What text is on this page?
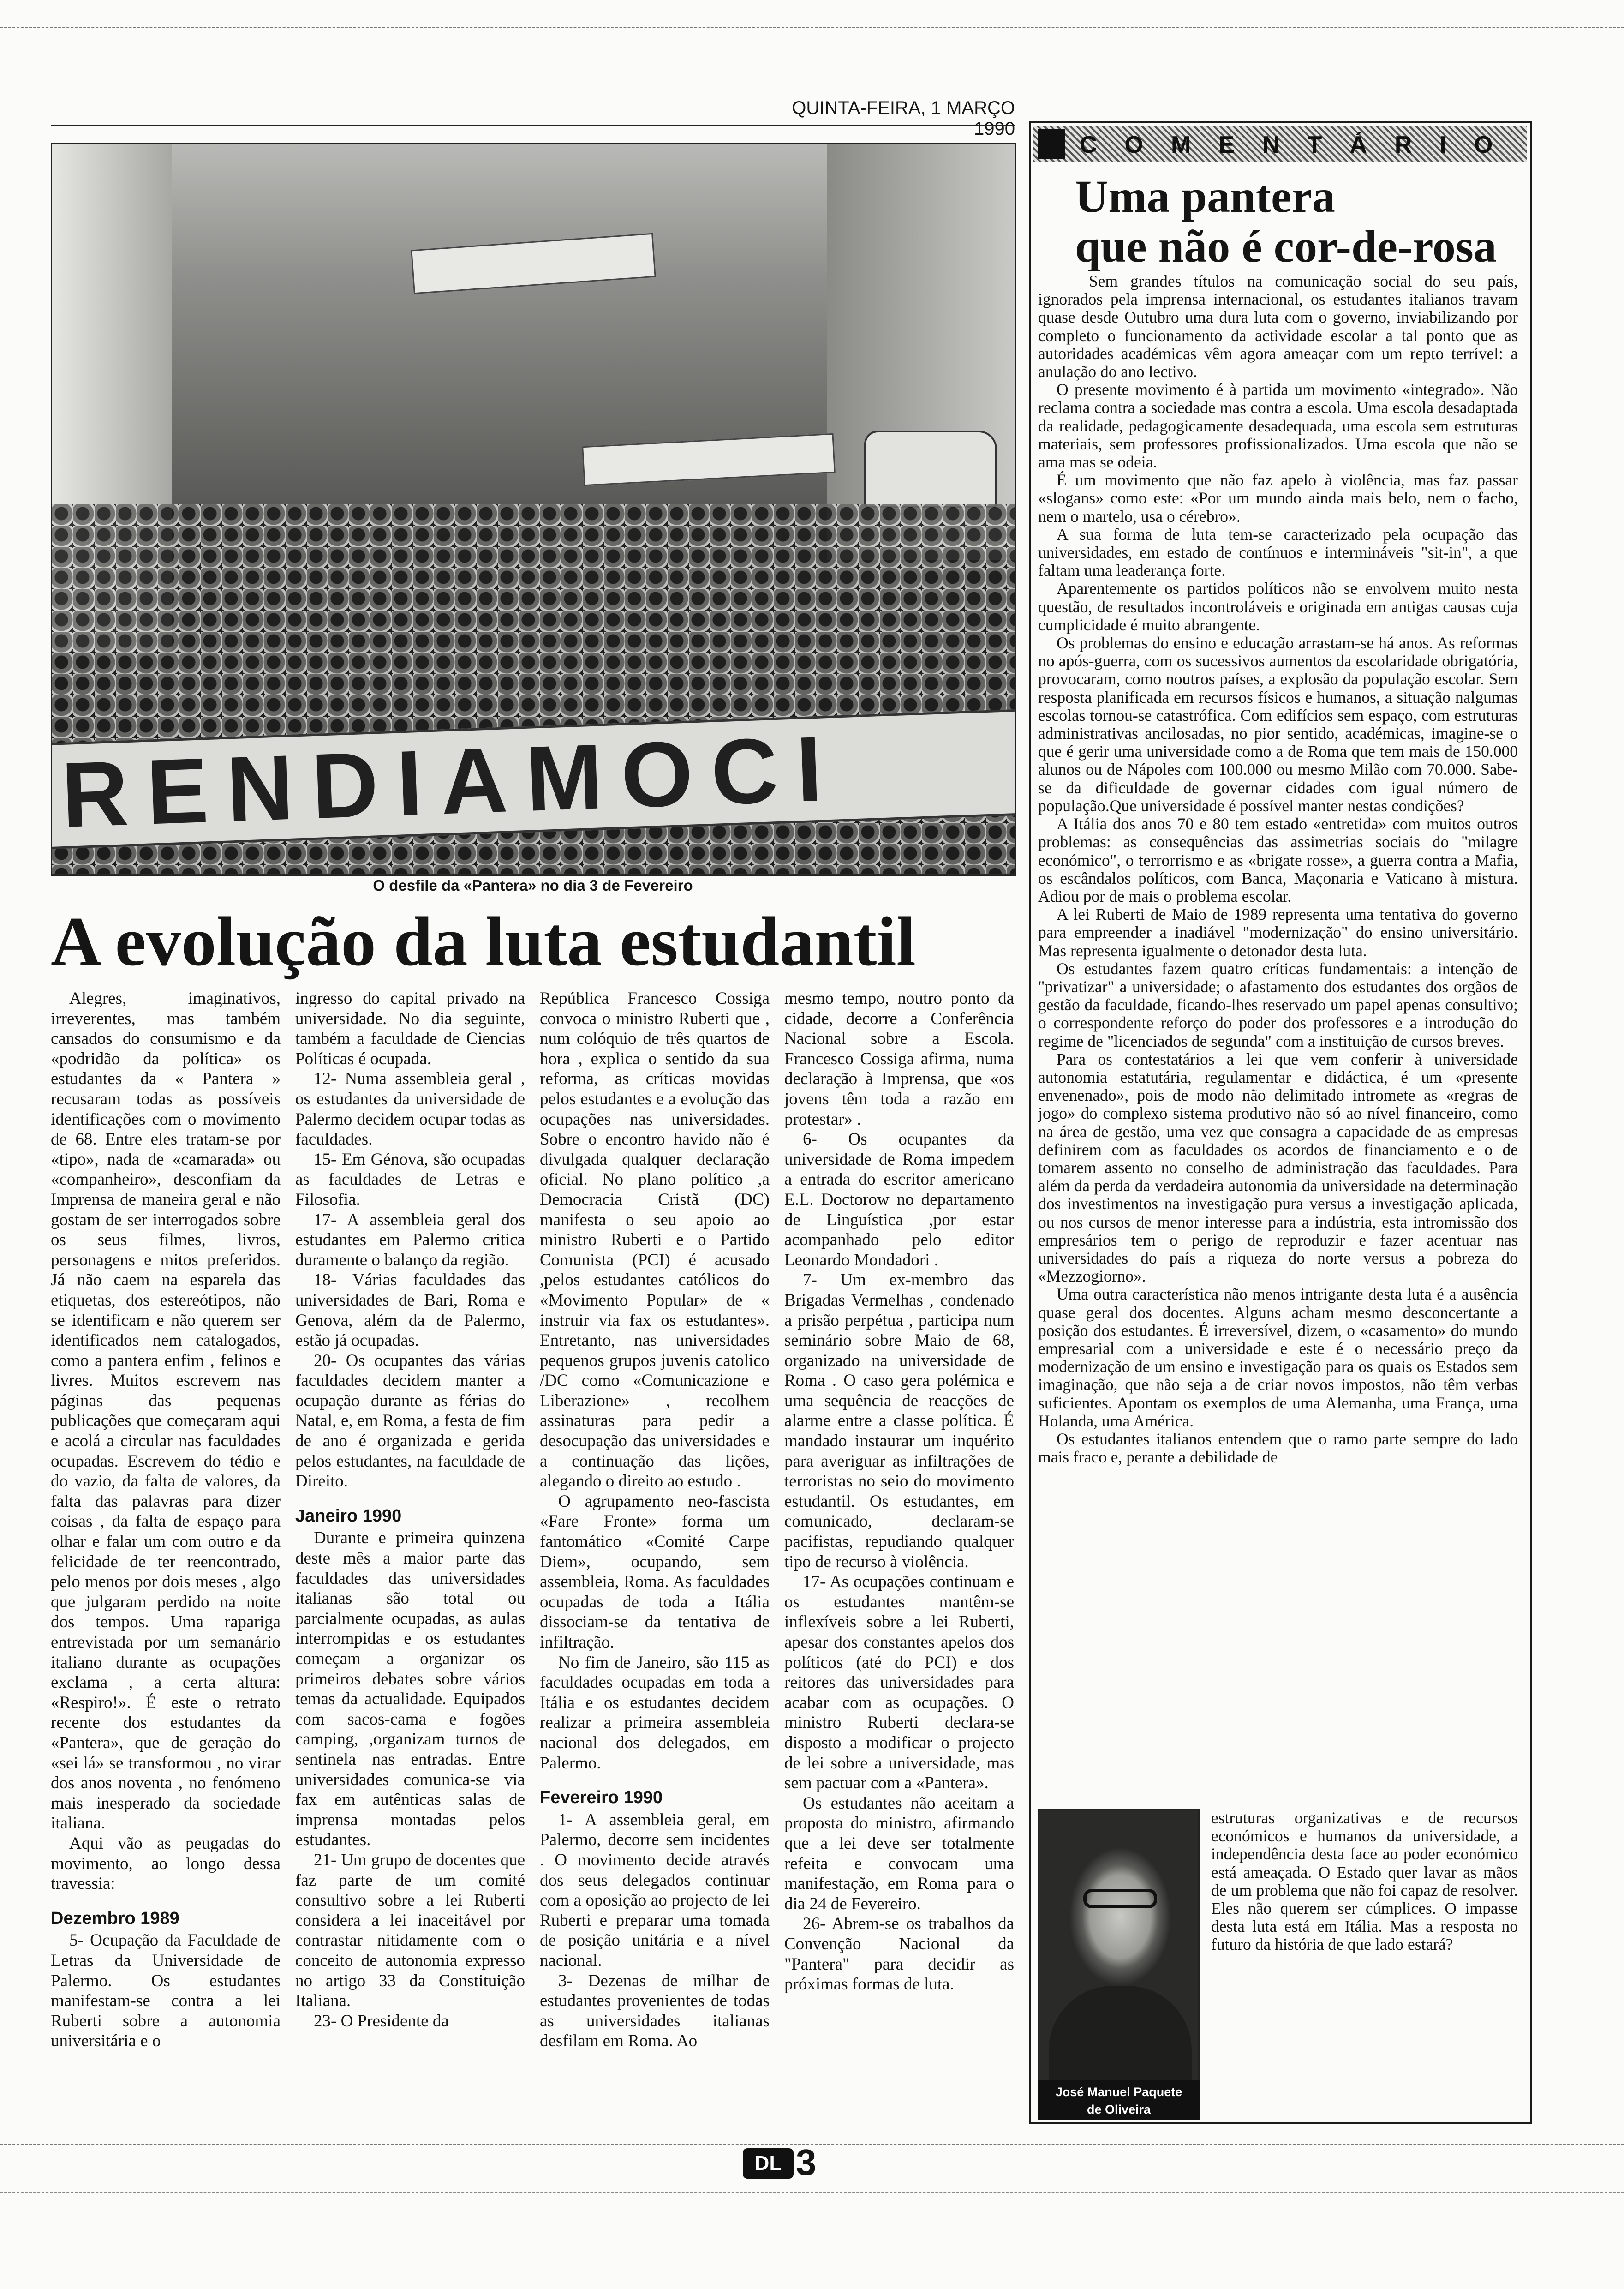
QUINTA-FEIRA, 1 MARÇO 1990
RENDIAMOCI
O desfile da «Pantera» no dia 3 de Fevereiro
A evolução da luta estudantil

Alegres, imaginativos, irreverentes, mas também cansados do consumismo e da «podridão da política» os estudantes da « Pantera » recusaram todas as possíveis identificações com o movimento de 68. Entre eles tratam-se por «tipo», nada de «camarada» ou «companheiro», desconfiam da Imprensa de maneira geral e não gostam de ser interrogados sobre os seus filmes, livros, personagens e mitos preferidos. Já não caem na esparela das etiquetas, dos estereótipos, não se identificam e não querem ser identificados nem catalogados, como a pantera enfim , felinos e livres. Muitos escrevem nas páginas das pequenas publicações que começaram aqui e acolá a circular nas faculdades ocupadas. Escrevem do tédio e do vazio, da falta de valores, da falta das palavras para dizer coisas , da falta de espaço para olhar e falar um com outro e da felicidade de ter reencontrado, pelo menos por dois meses , algo que julgaram perdido na noite dos tempos. Uma rapariga entrevistada por um semanário italiano durante as ocupações exclama , a certa altura: «Respiro!». É este o retrato recente dos estudantes da «Pantera», que de geração do «sei lá» se transformou , no virar dos anos noventa , no fenómeno mais inesperado da sociedade italiana.

Aqui vão as peugadas do movimento, ao longo dessa travessia:

Dezembro 1989

5- Ocupação da Faculdade de Letras da Universidade de Palermo. Os estudantes manifestam-se contra a lei Ruberti sobre a autonomia universitária e o

ingresso do capital privado na universidade. No dia seguinte, também a faculdade de Ciencias Políticas é ocupada.

12- Numa assembleia geral , os estudantes da universidade de Palermo decidem ocupar todas as faculdades.

15- Em Génova, são ocupadas as faculdades de Letras e Filosofia.

17- A assembleia geral dos estudantes em Palermo critica duramente o balanço da região.

18- Várias faculdades das universidades de Bari, Roma e Genova, além da de Palermo, estão já ocupadas.

20- Os ocupantes das várias faculdades decidem manter a ocupação durante as férias do Natal, e, em Roma, a festa de fim de ano é organizada e gerida pelos estudantes, na faculdade de Direito.

Janeiro 1990

Durante e primeira quinzena deste mês a maior parte das faculdades das universidades italianas são total ou parcialmente ocupadas, as aulas interrompidas e os estudantes começam a organizar os primeiros debates sobre vários temas da actualidade. Equipados com sacos-cama e fogões camping, ,organizam turnos de sentinela nas entradas. Entre universidades comunica-se via fax em autênticas salas de imprensa montadas pelos estudantes.

21- Um grupo de docentes que faz parte de um comité consultivo sobre a lei Ruberti considera a lei inaceitável por contrastar nitidamente com o conceito de autonomia expresso no artigo 33 da Constituição Italiana.

23- O Presidente da

República Francesco Cossiga convoca o ministro Ruberti que , num colóquio de três quartos de hora , explica o sentido da sua reforma, as críticas movidas pelos estudantes e a evolução das ocupações nas universidades. Sobre o encontro havido não é divulgada qualquer declaração oficial. No plano político ,a Democracia Cristã (DC) manifesta o seu apoio ao ministro Ruberti e o Partido Comunista (PCI) é acusado ,pelos estudantes católicos do «Movimento Popular» de « instruir via fax os estudantes». Entretanto, nas universidades pequenos grupos juvenis catolico /DC como «Comunicazione e Liberazione» , recolhem assinaturas para pedir a desocupação das universidades e a continuação das lições, alegando o direito ao estudo .

O agrupamento neo-fascista «Fare Fronte» forma um fantomático «Comité Carpe Diem», ocupando, sem assembleia, Roma. As faculdades ocupadas de toda a Itália dissociam-se da tentativa de infiltração.

No fim de Janeiro, são 115 as faculdades ocupadas em toda a Itália e os estudantes decidem realizar a primeira assembleia nacional dos delegados, em Palermo.

Fevereiro 1990

1- A assembleia geral, em Palermo, decorre sem incidentes . O movimento decide através dos seus delegados continuar com a oposição ao projecto de lei Ruberti e preparar uma tomada de posição unitária e a nível nacional.

3- Dezenas de milhar de estudantes provenientes de todas as universidades italianas desfilam em Roma. Ao

mesmo tempo, noutro ponto da cidade, decorre a Conferência Nacional sobre a Escola. Francesco Cossiga afirma, numa declaração à Imprensa, que «os jovens têm toda a razão em protestar» .

6- Os ocupantes da universidade de Roma impedem a entrada do escritor americano E.L. Doctorow no departamento de Linguística ,por estar acompanhado pelo editor Leonardo Mondadori .

7- Um ex-membro das Brigadas Vermelhas , condenado a prisão perpétua , participa num seminário sobre Maio de 68, organizado na universidade de Roma . O caso gera polémica e uma sequência de reacções de alarme entre a classe política. É mandado instaurar um inquérito para averiguar as infiltrações de terroristas no seio do movimento estudantil. Os estudantes, em comunicado, declaram-se pacifistas, repudiando qualquer tipo de recurso à violência.

17- As ocupações continuam e os estudantes mantêm-se inflexíveis sobre a lei Ruberti, apesar dos constantes apelos dos políticos (até do PCI) e dos reitores das universidades para acabar com as ocupações. O ministro Ruberti declara-se disposto a modificar o projecto de lei sobre a universidade, mas sem pactuar com a «Pantera».

Os estudantes não aceitam a proposta do ministro, afirmando que a lei deve ser totalmente refeita e convocam uma manifestação, em Roma para o dia 24 de Fevereiro.

26- Abrem-se os trabalhos da Convenção Nacional da "Pantera" para decidir as próximas formas de luta.

COMENTÁRIO
Uma pantera
que não é cor-de-rosa

Sem grandes títulos na comunicação social do seu país, ignorados pela imprensa internacional, os estudantes italianos travam quase desde Outubro uma dura luta com o governo, inviabilizando por completo o funcionamento da actividade escolar a tal ponto que as autoridades académicas vêm agora ameaçar com um repto terrível: a anulação do ano lectivo.

O presente movimento é à partida um movimento «integrado». Não reclama contra a sociedade mas contra a escola. Uma escola desadaptada da realidade, pedagogicamente desadequada, uma escola sem estruturas materiais, sem professores profissionalizados. Uma escola que não se ama mas se odeia.

É um movimento que não faz apelo à violência, mas faz passar «slogans» como este: «Por um mundo ainda mais belo, nem o facho, nem o martelo, usa o cérebro».

A sua forma de luta tem-se caracterizado pela ocupação das universidades, em estado de contínuos e intermináveis "sit-in", a que faltam uma leaderança forte.

Aparentemente os partidos políticos não se envolvem muito nesta questão, de resultados incontroláveis e originada em antigas causas cuja cumplicidade é muito abrangente.

Os problemas do ensino e educação arrastam-se há anos. As reformas no após-guerra, com os sucessivos aumentos da escolaridade obrigatória, provocaram, como noutros países, a explosão da população escolar. Sem resposta planificada em recursos físicos e humanos, a situação nalgumas escolas tornou-se catastrófica. Com edifícios sem espaço, com estruturas administrativas ancilosadas, no pior sentido, académicas, imagine-se o que é gerir uma universidade como a de Roma que tem mais de 150.000 alunos ou de Nápoles com 100.000 ou mesmo Milão com 70.000. Sabe-se da dificuldade de governar cidades com igual número de população.Que universidade é possível manter nestas condições?

A Itália dos anos 70 e 80 tem estado «entretida» com muitos outros problemas: as consequências das assimetrias sociais do "milagre económico", o terrorrismo e as «brigate rosse», a guerra contra a Mafia, os escândalos políticos, com Banca, Maçonaria e Vaticano à mistura. Adiou por de mais o problema escolar.

A lei Ruberti de Maio de 1989 representa uma tentativa do governo para empreender a inadiável "modernização" do ensino universitário. Mas representa igualmente o detonador desta luta.

Os estudantes fazem quatro críticas fundamentais: a intenção de "privatizar" a universidade; o afastamento dos estudantes dos orgãos de gestão da faculdade, ficando-lhes reservado um papel apenas consultivo; o correspondente reforço do poder dos professores e a introdução do regime de "licenciados de segunda" com a instituição de cursos breves.

Para os contestatários a lei que vem conferir à universidade autonomia estatutária, regulamentar e didáctica, é um «presente envenenado», pois de modo não delimitado intromete as «regras de jogo» do complexo sistema produtivo não só ao nível financeiro, como na área de gestão, uma vez que consagra a capacidade de as empresas definirem com as faculdades os acordos de financiamento e o de tomarem assento no conselho de administração das faculdades. Para além da perda da verdadeira autonomia da universidade na determinação dos investimentos na investigação pura versus a investigação aplicada, ou nos cursos de menor interesse para a indústria, esta intromissão dos empresários tem o perigo de reproduzir e fazer acentuar nas universidades do país a riqueza do norte versus a pobreza do «Mezzogiorno».

Uma outra característica não menos intrigante desta luta é a ausência quase geral dos docentes. Alguns acham mesmo desconcertante a posição dos estudantes. É irreversível, dizem, o «casamento» do mundo empresarial com a universidade e este é o necessário preço da modernização de um ensino e investigação para os quais os Estados sem imaginação, que não seja a de criar novos impostos, não têm verbas suficientes. Apontam os exemplos de uma Alemanha, uma França, uma Holanda, uma América.

Os estudantes italianos entendem que o ramo parte sempre do lado mais fraco e, perante a debilidade de

José Manuel Paquete
de Oliveira

estruturas organizativas e de recursos económicos e humanos da universidade, a independência desta face ao poder económico está ameaçada. O Estado quer lavar as mãos de um problema que não foi capaz de resolver. Eles não querem ser cúmplices. O impasse desta luta está em Itália. Mas a resposta no futuro da história de que lado estará?

DL 3
